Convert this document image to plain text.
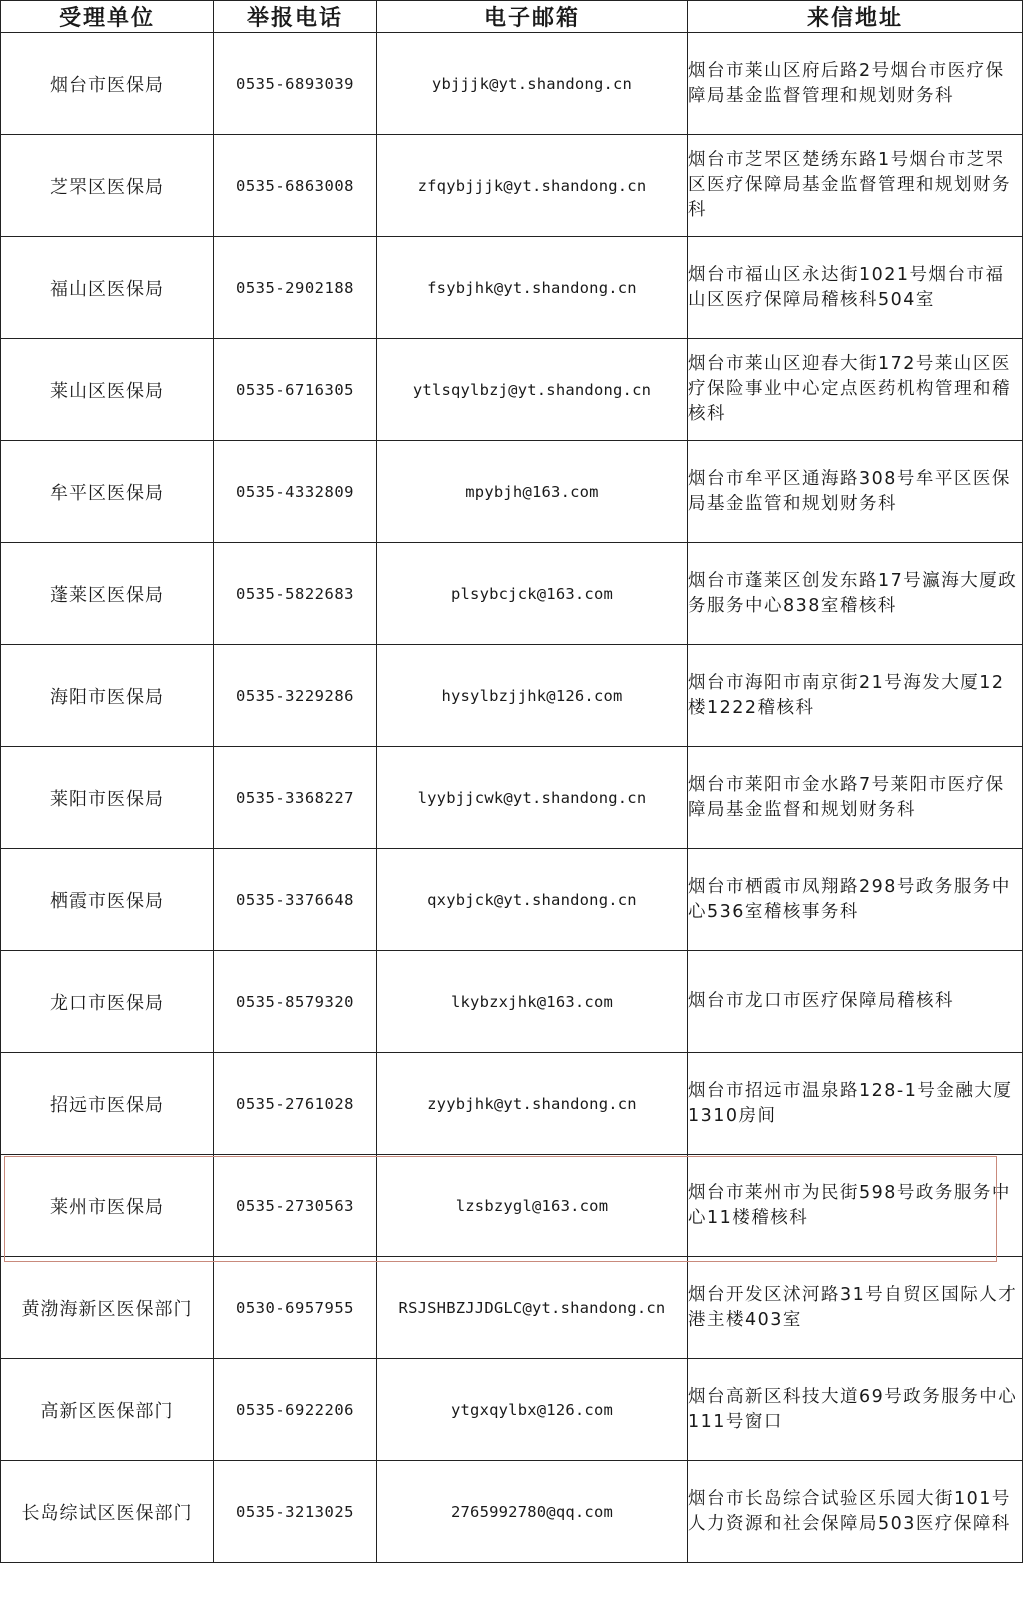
受理单位	举报电话	电子邮箱	来信地址
烟台市医保局	0535-6893039	ybjjjk@yt.shandong.cn	烟台市莱山区府后路2号烟台市医疗保障局基金监督管理和规划财务科
芝罘区医保局	0535-6863008	zfqybjjjk@yt.shandong.cn	烟台市芝罘区楚绣东路1号烟台市芝罘区医疗保障局基金监督管理和规划财务科
福山区医保局	0535-2902188	fsybjhk@yt.shandong.cn	烟台市福山区永达街1021号烟台市福山区医疗保障局稽核科504室
莱山区医保局	0535-6716305	ytlsqylbzj@yt.shandong.cn	烟台市莱山区迎春大街172号莱山区医疗保险事业中心定点医药机构管理和稽核科
牟平区医保局	0535-4332809	mpybjh@163.com	烟台市牟平区通海路308号牟平区医保局基金监管和规划财务科
蓬莱区医保局	0535-5822683	plsybcjck@163.com	烟台市蓬莱区创发东路17号瀛海大厦政务服务中心838室稽核科
海阳市医保局	0535-3229286	hysylbzjjhk@126.com	烟台市海阳市南京街21号海发大厦12楼1222稽核科
莱阳市医保局	0535-3368227	lyybjjcwk@yt.shandong.cn	烟台市莱阳市金水路7号莱阳市医疗保障局基金监督和规划财务科
栖霞市医保局	0535-3376648	qxybjck@yt.shandong.cn	烟台市栖霞市凤翔路298号政务服务中心536室稽核事务科
龙口市医保局	0535-8579320	lkybzxjhk@163.com	烟台市龙口市医疗保障局稽核科
招远市医保局	0535-2761028	zyybjhk@yt.shandong.cn	烟台市招远市温泉路128-1号金融大厦1310房间
莱州市医保局	0535-2730563	lzsbzygl@163.com	烟台市莱州市为民街598号政务服务中心11楼稽核科
黄渤海新区医保部门	0530-6957955	RSJSHBZJJDGLC@yt.shandong.cn	烟台开发区沭河路31号自贸区国际人才港主楼403室
高新区医保部门	0535-6922206	ytgxqylbx@126.com	烟台高新区科技大道69号政务服务中心111号窗口
长岛综试区医保部门	0535-3213025	2765992780@qq.com	烟台市长岛综合试验区乐园大街101号人力资源和社会保障局503医疗保障科
